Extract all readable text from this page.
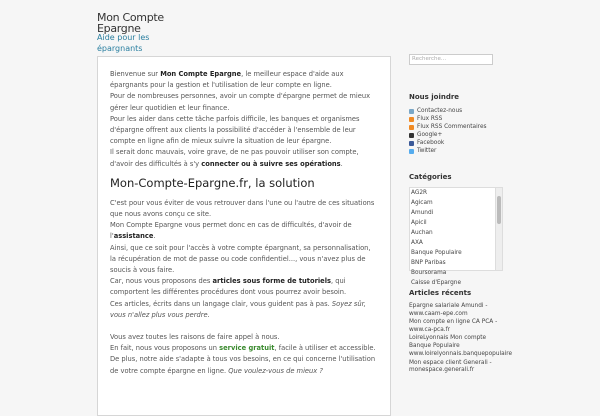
Mon Compte
Epargne
Aide pour les
épargnants

Bienvenue sur Mon Compte Epargne, le meilleur espace d'aide aux épargnants pour la gestion et l'utilisation de leur compte en ligne.

Pour de nombreuses personnes, avoir un compte d'épargne permet de mieux gérer leur quotidien et leur finance.

Pour les aider dans cette tâche parfois difficile, les banques et organismes d'épargne offrent aux clients la possibilité d'accéder à l'ensemble de leur compte en ligne afin de mieux suivre la situation de leur épargne.

Il serait donc mauvais, voire grave, de ne pas pouvoir utiliser son compte, d'avoir des difficultés à s'y connecter ou à suivre ses opérations.

Mon-Compte-Epargne.fr, la solution

C'est pour vous éviter de vous retrouver dans l'une ou l'autre de ces situations que nous avons conçu ce site.

Mon Compte Epargne vous permet donc en cas de difficultés, d'avoir de l'assistance.

Ainsi, que ce soit pour l'accès à votre compte épargnant, sa personnalisation, la récupération de mot de passe ou code confidentiel..., vous n'avez plus de soucis à vous faire.

Car, nous vous proposons des articles sous forme de tutoriels, qui comportent les différentes procédures dont vous pourrez avoir besoin.

Ces articles, écrits dans un langage clair, vous guident pas à pas. Soyez sûr, vous n'allez plus vous perdre.

Vous avez toutes les raisons de faire appel à nous.

En fait, nous vous proposons un service gratuit, facile à utiliser et accessible. De plus, notre aide s'adapte à tous vos besoins, en ce qui concerne l'utilisation de votre compte épargne en ligne. Que voulez-vous de mieux ?

Recherche...
Nous joindre
Contactez-nous
Flux RSS
Flux RSS Commentaires
Google+
Facebook
Twitter
Catégories
AG2R
Agicam
Amundi
Apicil
Auchan
AXA
Banque Populaire
BNP Paribas
Boursorama
Caisse d'Epargne
Articles récents
Epargne salariale Amundi -
www.caam-epe.com
Mon compte en ligne CA PCA -
www.ca-pca.fr
LoireLyonnais Mon compte
Banque Populaire
www.loirelyonnais.banquepopulaire
Mon espace client Generali -
monespace.generali.fr
